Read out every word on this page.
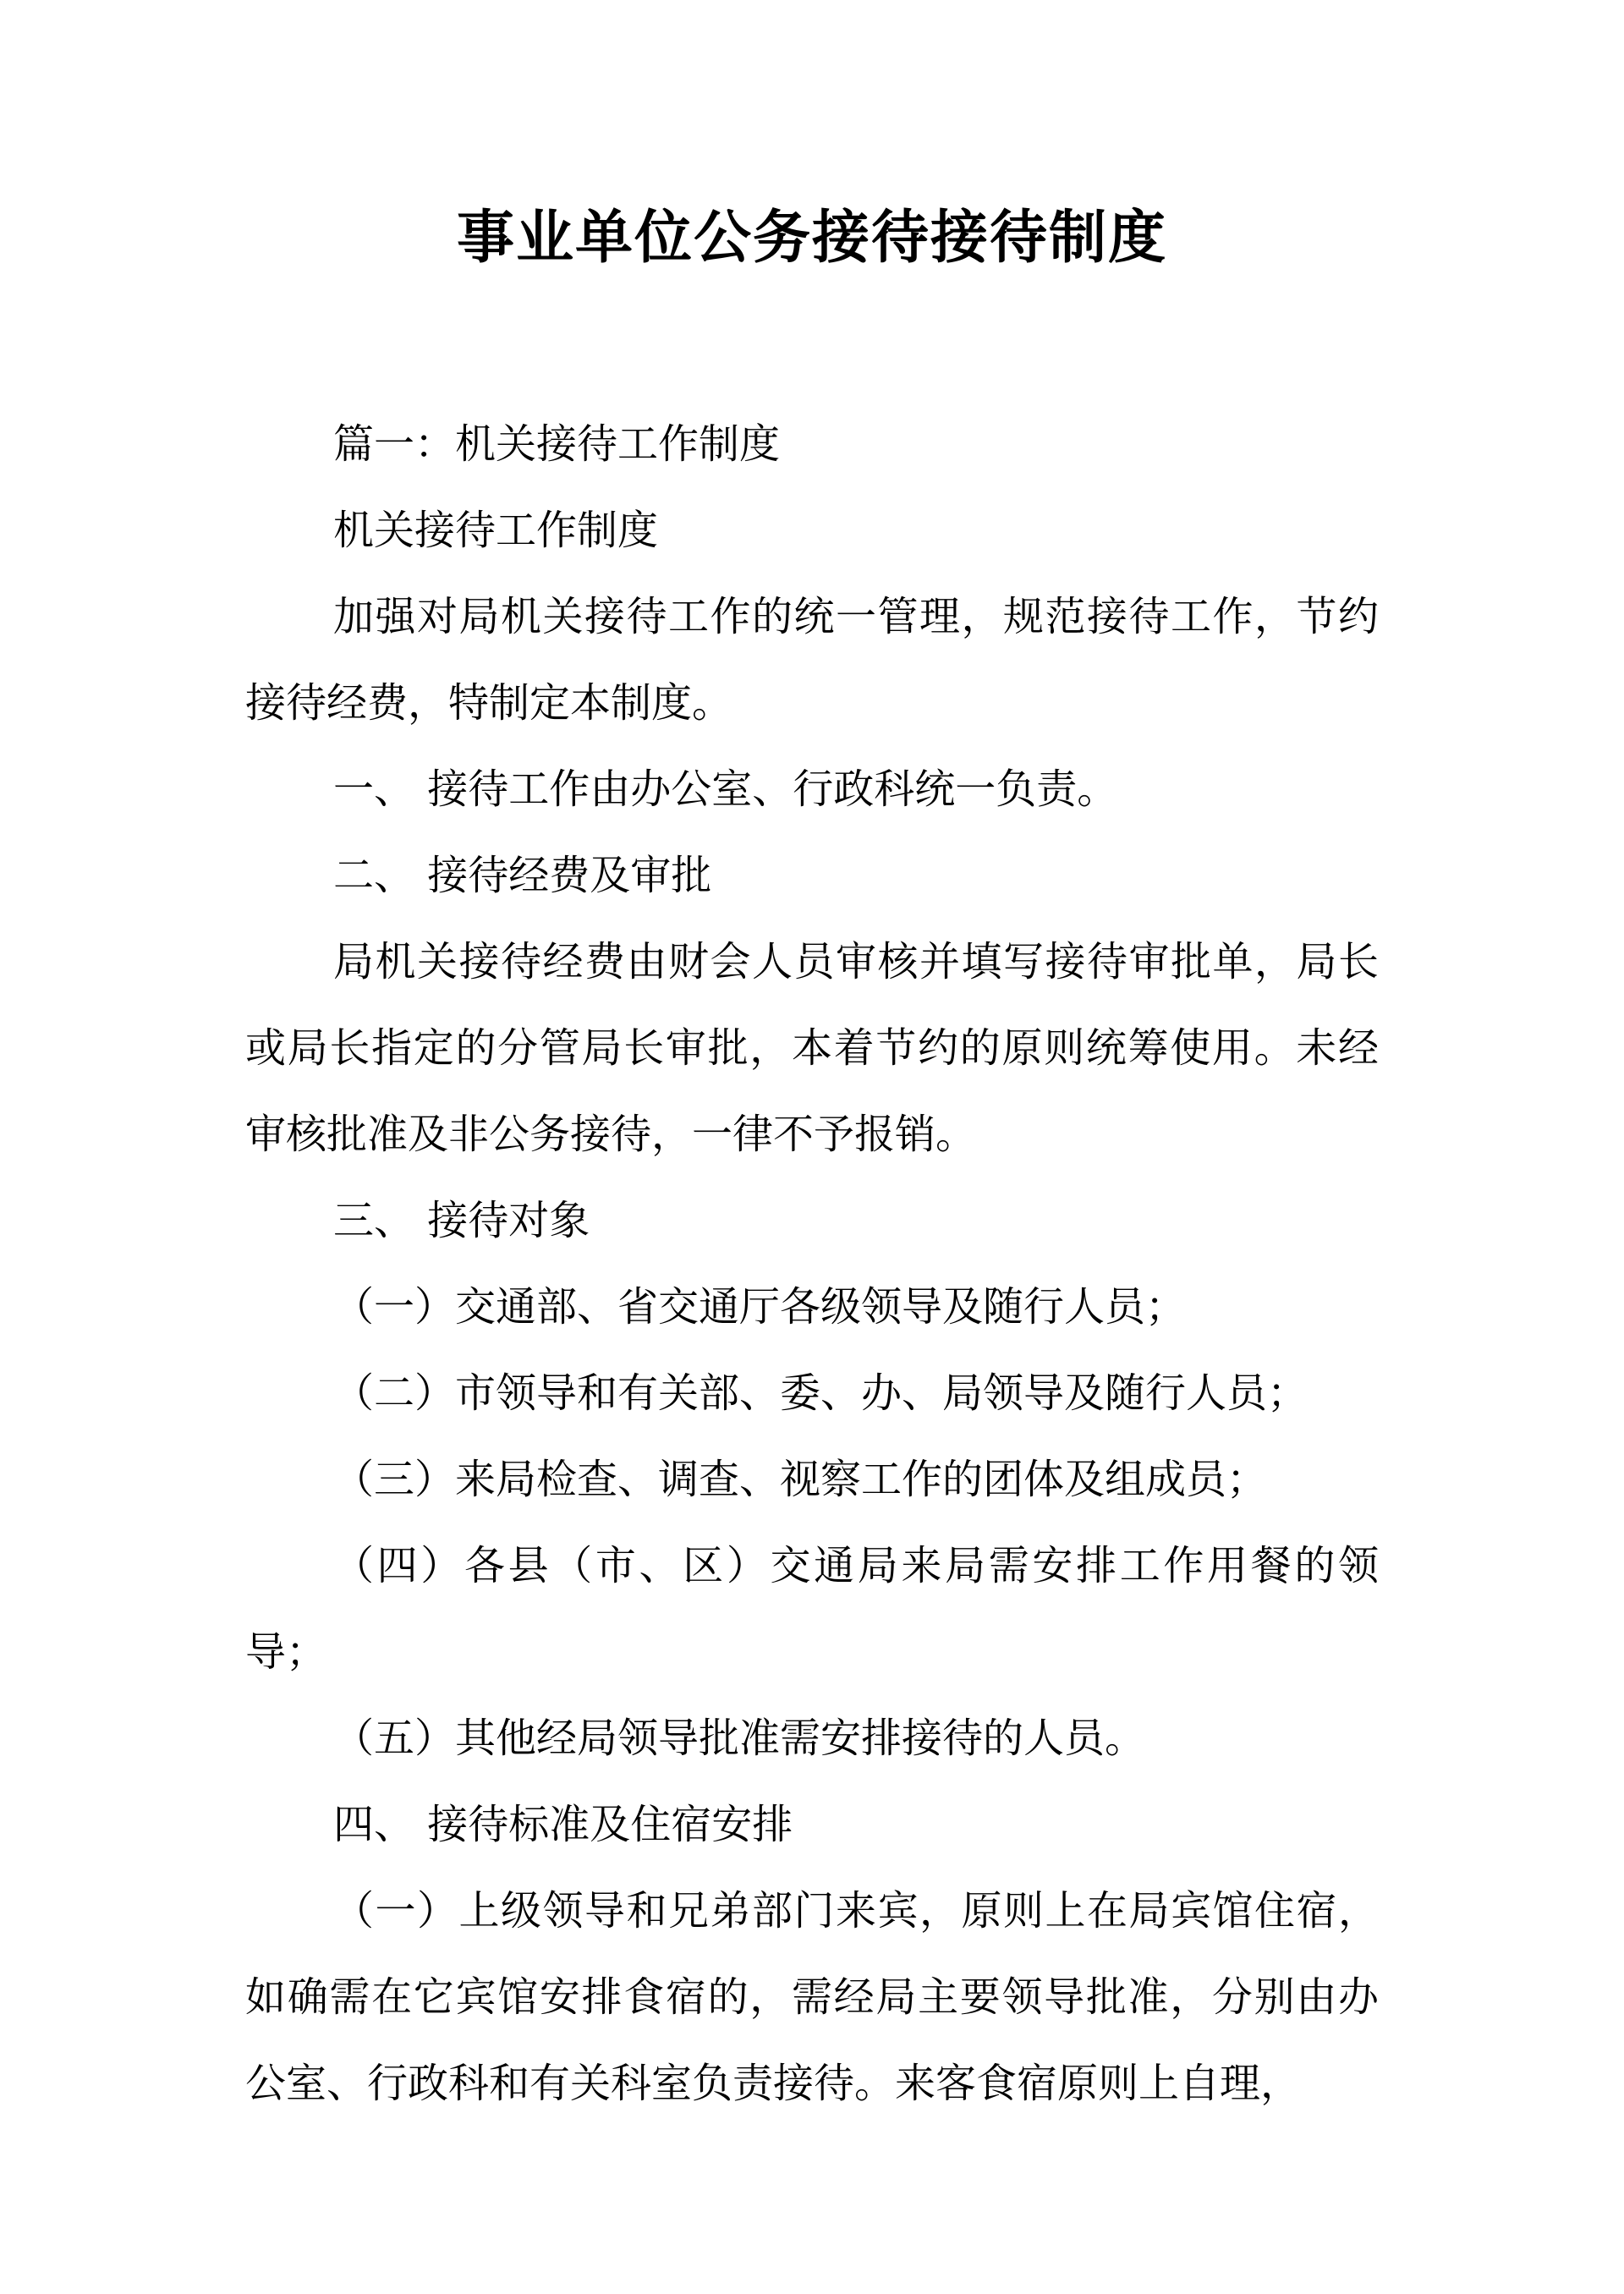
事业单位公务接待接待制度

篇一：机关接待工作制度

机关接待工作制度

加强对局机关接待工作的统一管理，规范接待工作，节约接待经费，特制定本制度。

一、 接待工作由办公室、行政科统一负责。

二、 接待经费及审批

局机关接待经费由财会人员审核并填写接待审批单，局长或局长指定的分管局长审批，本着节约的原则统筹使用。未经审核批准及非公务接待，一律不予报销。

三、 接待对象

（一）交通部、省交通厅各级领导及随行人员；

（二）市领导和有关部、委、办、局领导及随行人员；

（三）来局检查、调查、视察工作的团体及组成员；

（四）各县（市、区）交通局来局需安排工作用餐的领导；

（五）其他经局领导批准需安排接待的人员。

四、 接待标准及住宿安排

（一）上级领导和兄弟部门来宾，原则上在局宾馆住宿，如确需在它宾馆安排食宿的，需经局主要领导批准，分别由办公室、行政科和有关科室负责接待。来客食宿原则上自理，
